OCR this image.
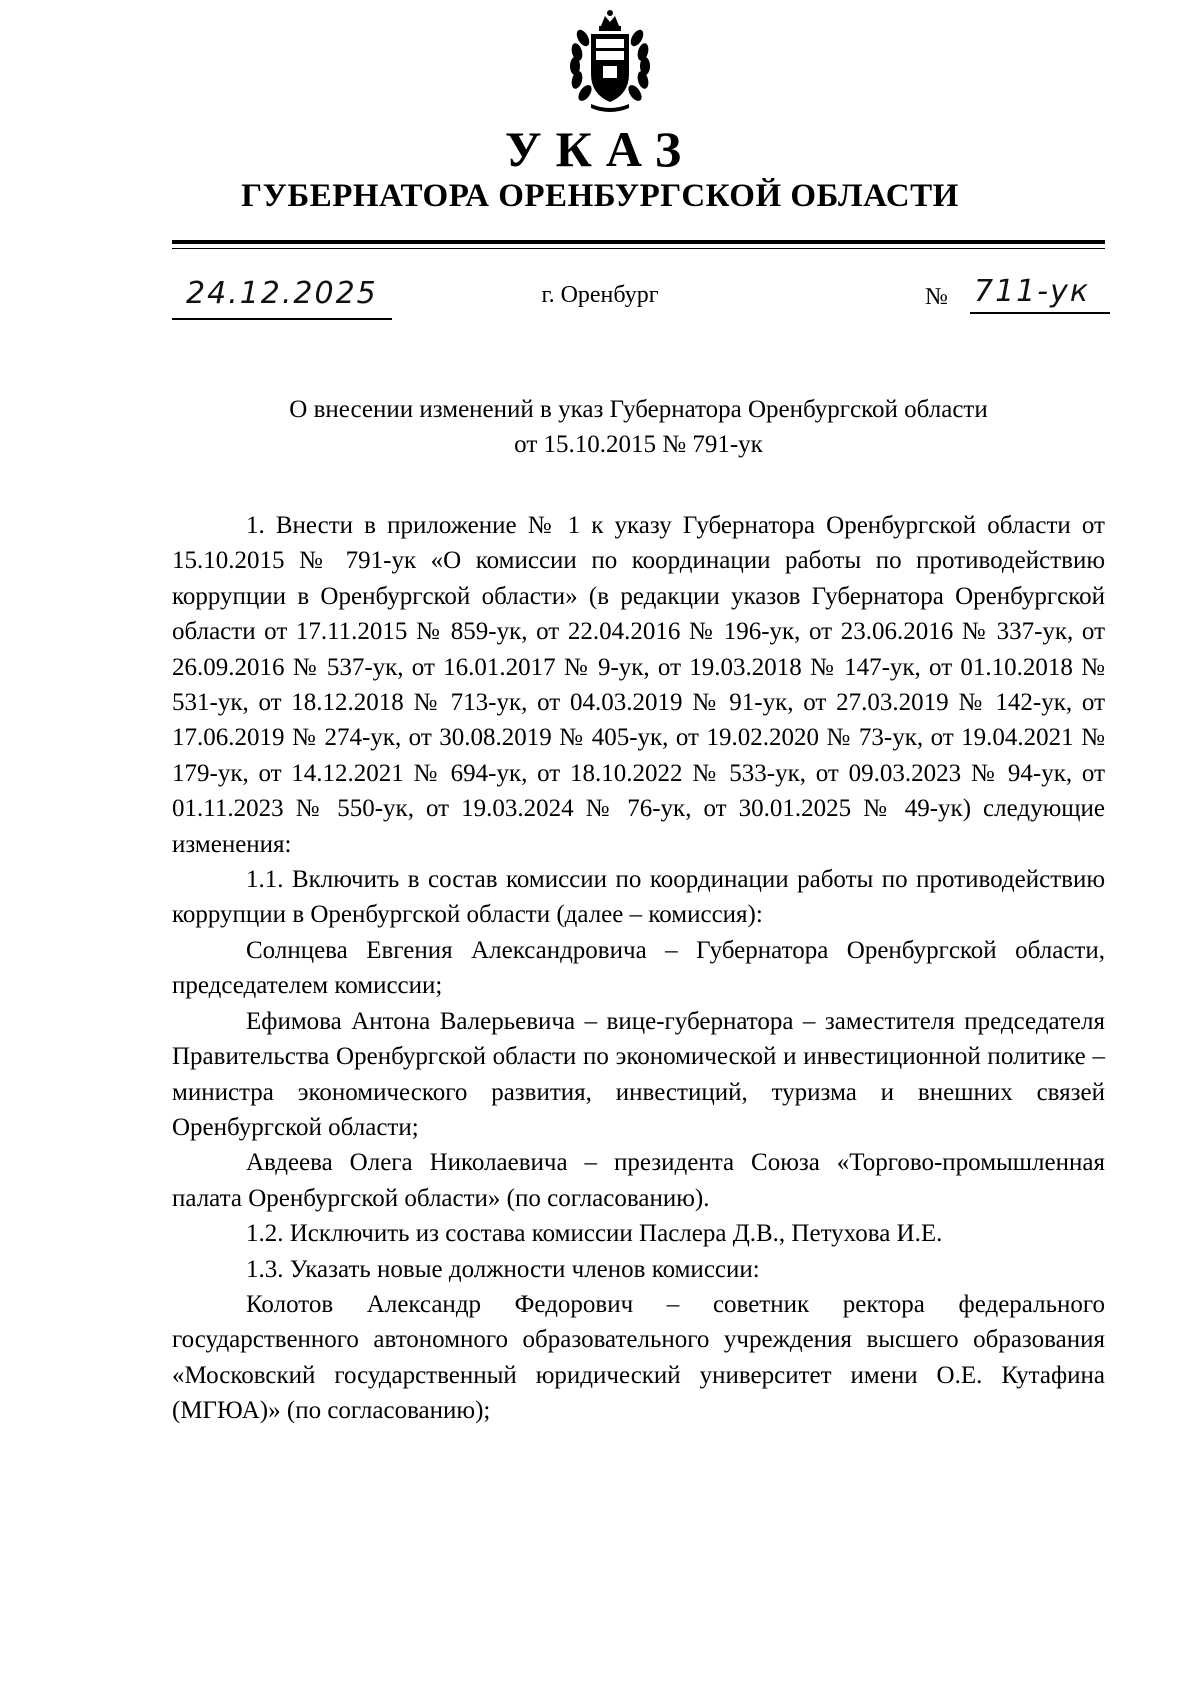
УКАЗ
ГУБЕРНАТОРА ОРЕНБУРГСКОЙ ОБЛАСТИ
24.12.2025	г. Оренбург	№ 711-ук
О внесении изменений в указ Губернатора Оренбургской области
от 15.10.2015 № 791-ук

1. Внести в приложение № 1 к указу Губернатора Оренбургской области от 15.10.2015 № 791-ук «О комиссии по координации работы по противодействию коррупции в Оренбургской области» (в редакции указов Губернатора Оренбургской области от 17.11.2015 № 859-ук, от 22.04.2016 № 196-ук, от 23.06.2016 № 337-ук, от 26.09.2016 № 537-ук, от 16.01.2017 № 9-ук, от 19.03.2018 № 147-ук, от 01.10.2018 № 531-ук, от 18.12.2018 № 713-ук, от 04.03.2019 № 91-ук, от 27.03.2019 № 142-ук, от 17.06.2019 № 274-ук, от 30.08.2019 № 405-ук, от 19.02.2020 № 73-ук, от 19.04.2021 № 179-ук, от 14.12.2021 № 694-ук, от 18.10.2022 № 533-ук, от 09.03.2023 № 94-ук, от 01.11.2023 № 550-ук, от 19.03.2024 № 76-ук, от 30.01.2025 № 49-ук) следующие изменения:

1.1. Включить в состав комиссии по координации работы по противодействию коррупции в Оренбургской области (далее – комиссия):

Солнцева Евгения Александровича – Губернатора Оренбургской области, председателем комиссии;

Ефимова Антона Валерьевича – вице-губернатора – заместителя председателя Правительства Оренбургской области по экономической и инвестиционной политике – министра экономического развития, инвестиций, туризма и внешних связей Оренбургской области;

Авдеева Олега Николаевича – президента Союза «Торгово-промышленная палата Оренбургской области» (по согласованию).

1.2. Исключить из состава комиссии Паслера Д.В., Петухова И.Е.

1.3. Указать новые должности членов комиссии:

Колотов Александр Федорович – советник ректора федерального государственного автономного образовательного учреждения высшего образования «Московский государственный юридический университет имени О.Е. Кутафина (МГЮА)» (по согласованию);
